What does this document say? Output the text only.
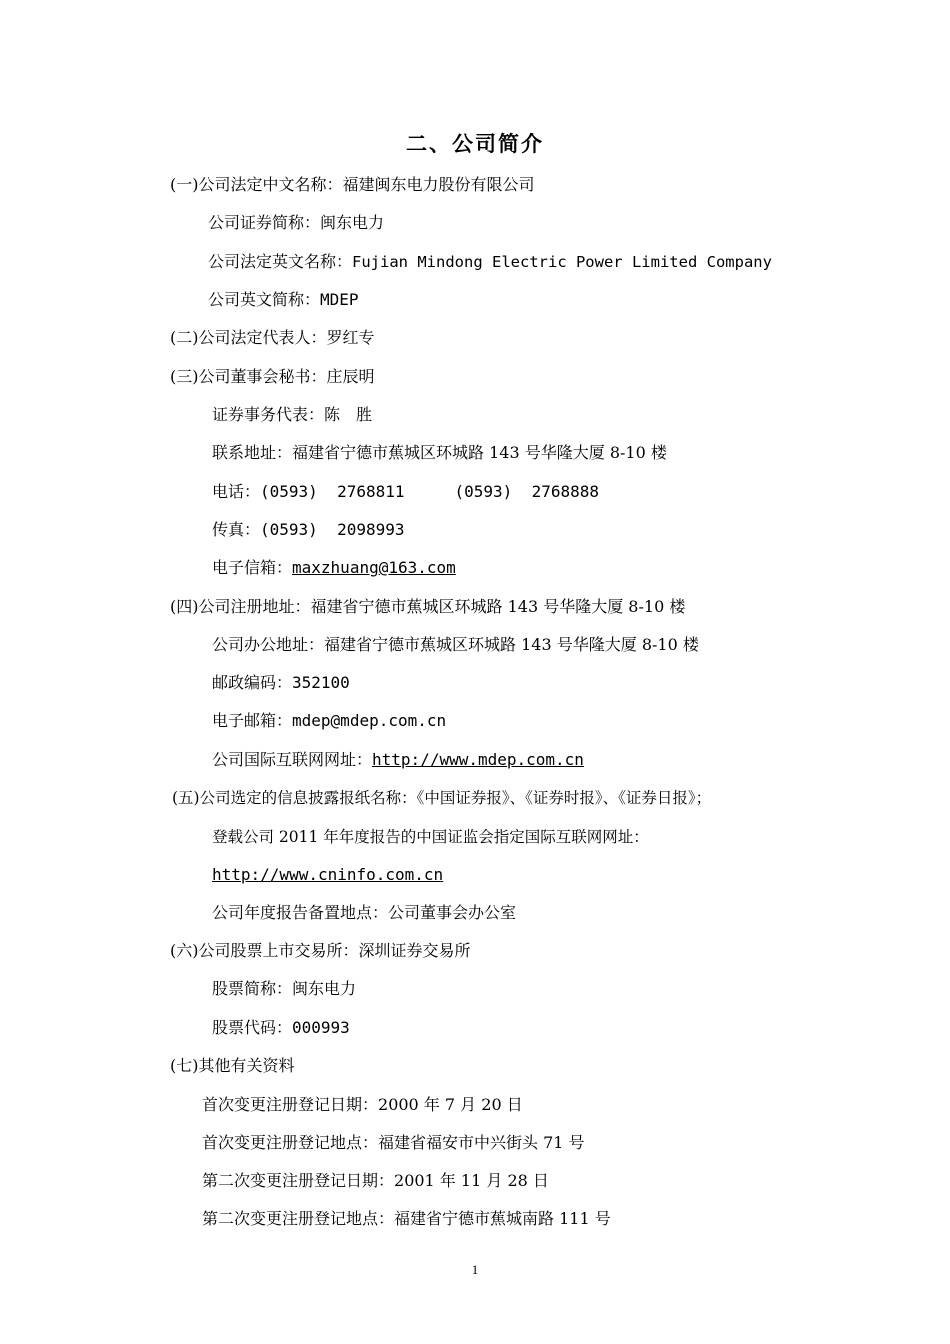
二、公司简介
(一)公司法定中文名称：福建闽东电力股份有限公司
公司证券简称：闽东电力
公司法定英文名称：Fujian Mindong Electric Power Limited Company
公司英文简称：MDEP
(二)公司法定代表人：罗红专
(三)公司董事会秘书：庄辰明
证券事务代表：陈　胜
联系地址：福建省宁德市蕉城区环城路 143 号华隆大厦 8-10 楼
电话：(0593)  2768811	(0593)  2768888
传真：(0593)  2098993
电子信箱：maxzhuang@163.com
(四)公司注册地址：福建省宁德市蕉城区环城路 143 号华隆大厦 8-10 楼
公司办公地址：福建省宁德市蕉城区环城路 143 号华隆大厦 8-10 楼
邮政编码：352100
电子邮箱：mdep@mdep.com.cn
公司国际互联网网址：http://www.mdep.com.cn
(五)公司选定的信息披露报纸名称：《中国证券报》、《证券时报》、《证券日报》；
登载公司 2011 年年度报告的中国证监会指定国际互联网网址：
http://www.cninfo.com.cn
公司年度报告备置地点：公司董事会办公室
(六)公司股票上市交易所：深圳证券交易所
股票简称：闽东电力
股票代码：000993
(七)其他有关资料
首次变更注册登记日期：2000 年 7 月 20 日
首次变更注册登记地点：福建省福安市中兴街头 71 号
第二次变更注册登记日期：2001 年 11 月 28 日
第二次变更注册登记地点：福建省宁德市蕉城南路 111 号
1
